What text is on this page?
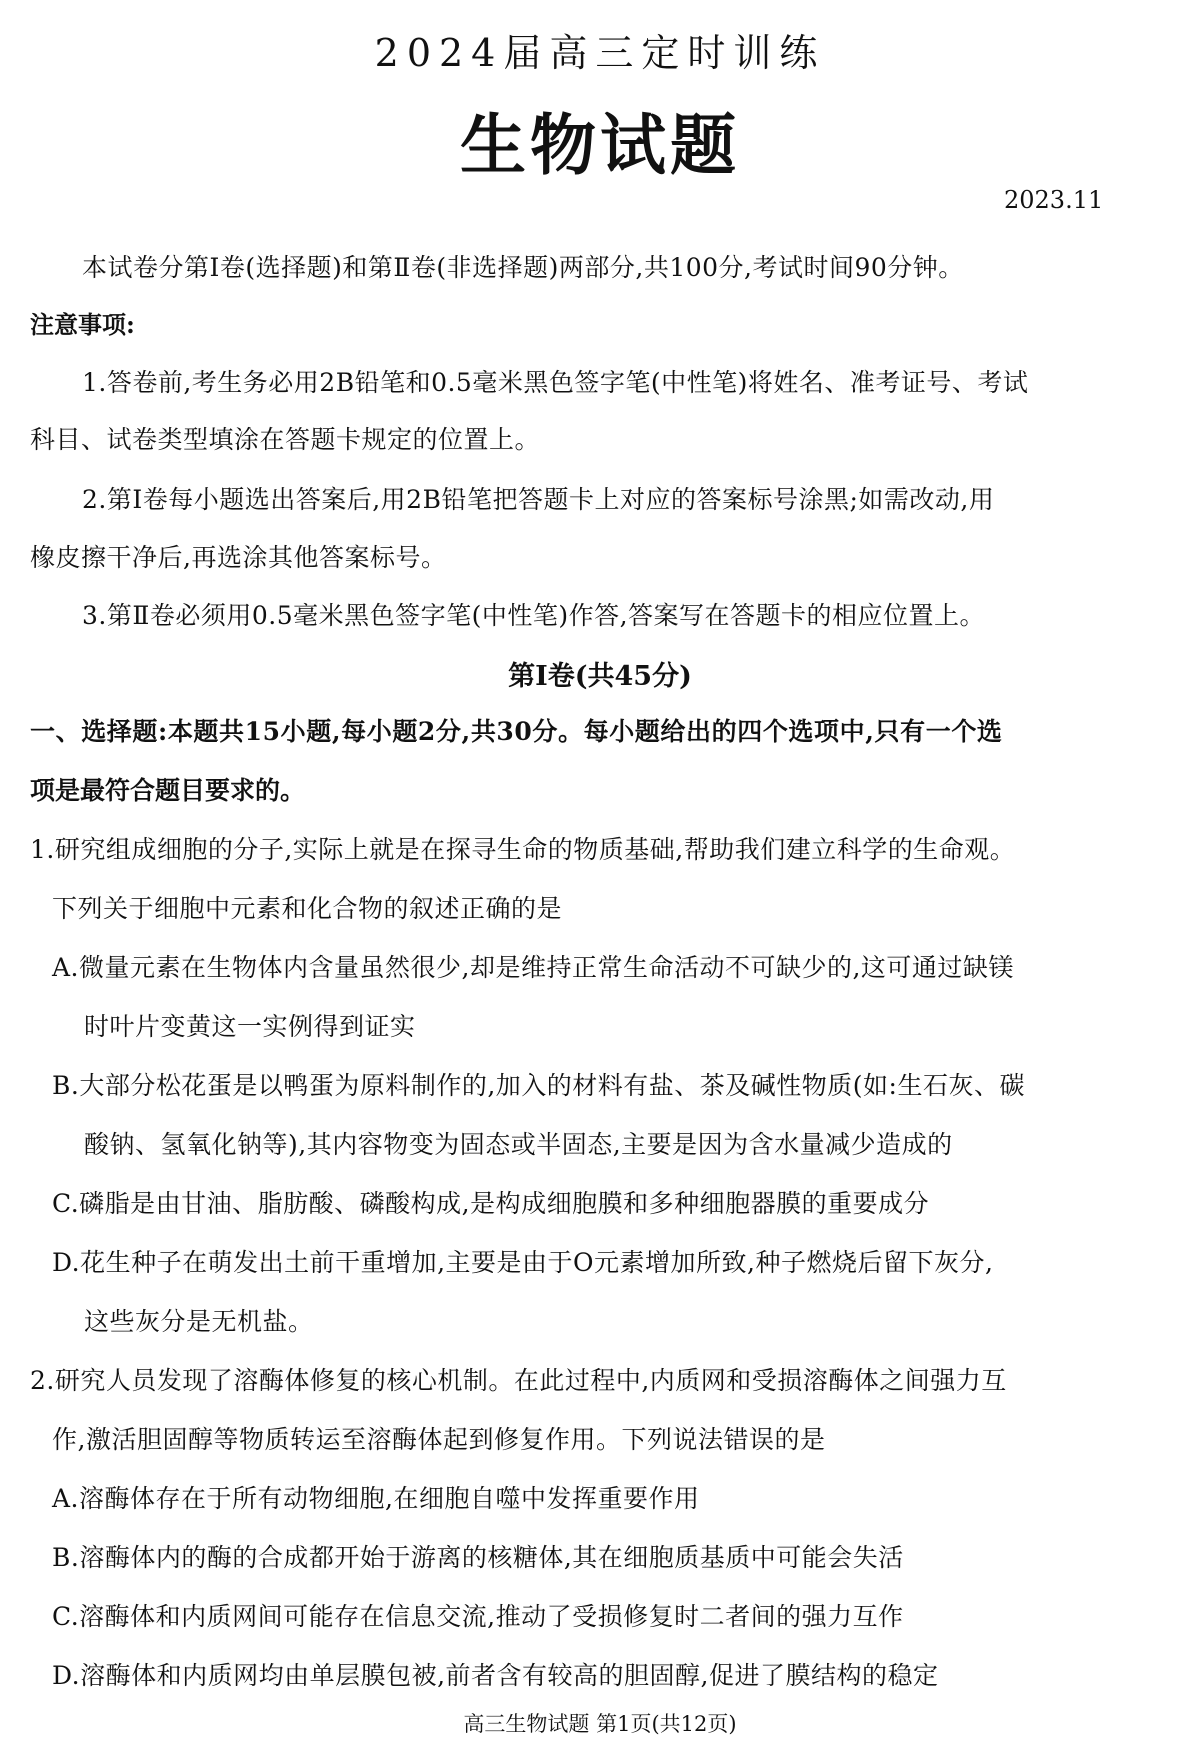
2024届高三定时训练
生物试题
2023.11
本试卷分第Ⅰ卷(选择题)和第Ⅱ卷(非选择题)两部分,共100分,考试时间90分钟。
注意事项:
1.答卷前,考生务必用2B铅笔和0.5毫米黑色签字笔(中性笔)将姓名、准考证号、考试
科目、试卷类型填涂在答题卡规定的位置上。
2.第Ⅰ卷每小题选出答案后,用2B铅笔把答题卡上对应的答案标号涂黑;如需改动,用
橡皮擦干净后,再选涂其他答案标号。
3.第Ⅱ卷必须用0.5毫米黑色签字笔(中性笔)作答,答案写在答题卡的相应位置上。
第Ⅰ卷(共45分)
一、选择题:本题共15小题,每小题2分,共30分。每小题给出的四个选项中,只有一个选
项是最符合题目要求的。
1.研究组成细胞的分子,实际上就是在探寻生命的物质基础,帮助我们建立科学的生命观。
下列关于细胞中元素和化合物的叙述正确的是
A.微量元素在生物体内含量虽然很少,却是维持正常生命活动不可缺少的,这可通过缺镁
时叶片变黄这一实例得到证实
B.大部分松花蛋是以鸭蛋为原料制作的,加入的材料有盐、茶及碱性物质(如:生石灰、碳
酸钠、氢氧化钠等),其内容物变为固态或半固态,主要是因为含水量减少造成的
C.磷脂是由甘油、脂肪酸、磷酸构成,是构成细胞膜和多种细胞器膜的重要成分
D.花生种子在萌发出土前干重增加,主要是由于O元素增加所致,种子燃烧后留下灰分,
这些灰分是无机盐。
2.研究人员发现了溶酶体修复的核心机制。在此过程中,内质网和受损溶酶体之间强力互
作,激活胆固醇等物质转运至溶酶体起到修复作用。下列说法错误的是
A.溶酶体存在于所有动物细胞,在细胞自噬中发挥重要作用
B.溶酶体内的酶的合成都开始于游离的核糖体,其在细胞质基质中可能会失活
C.溶酶体和内质网间可能存在信息交流,推动了受损修复时二者间的强力互作
D.溶酶体和内质网均由单层膜包被,前者含有较高的胆固醇,促进了膜结构的稳定
高三生物试题 第1页(共12页)
